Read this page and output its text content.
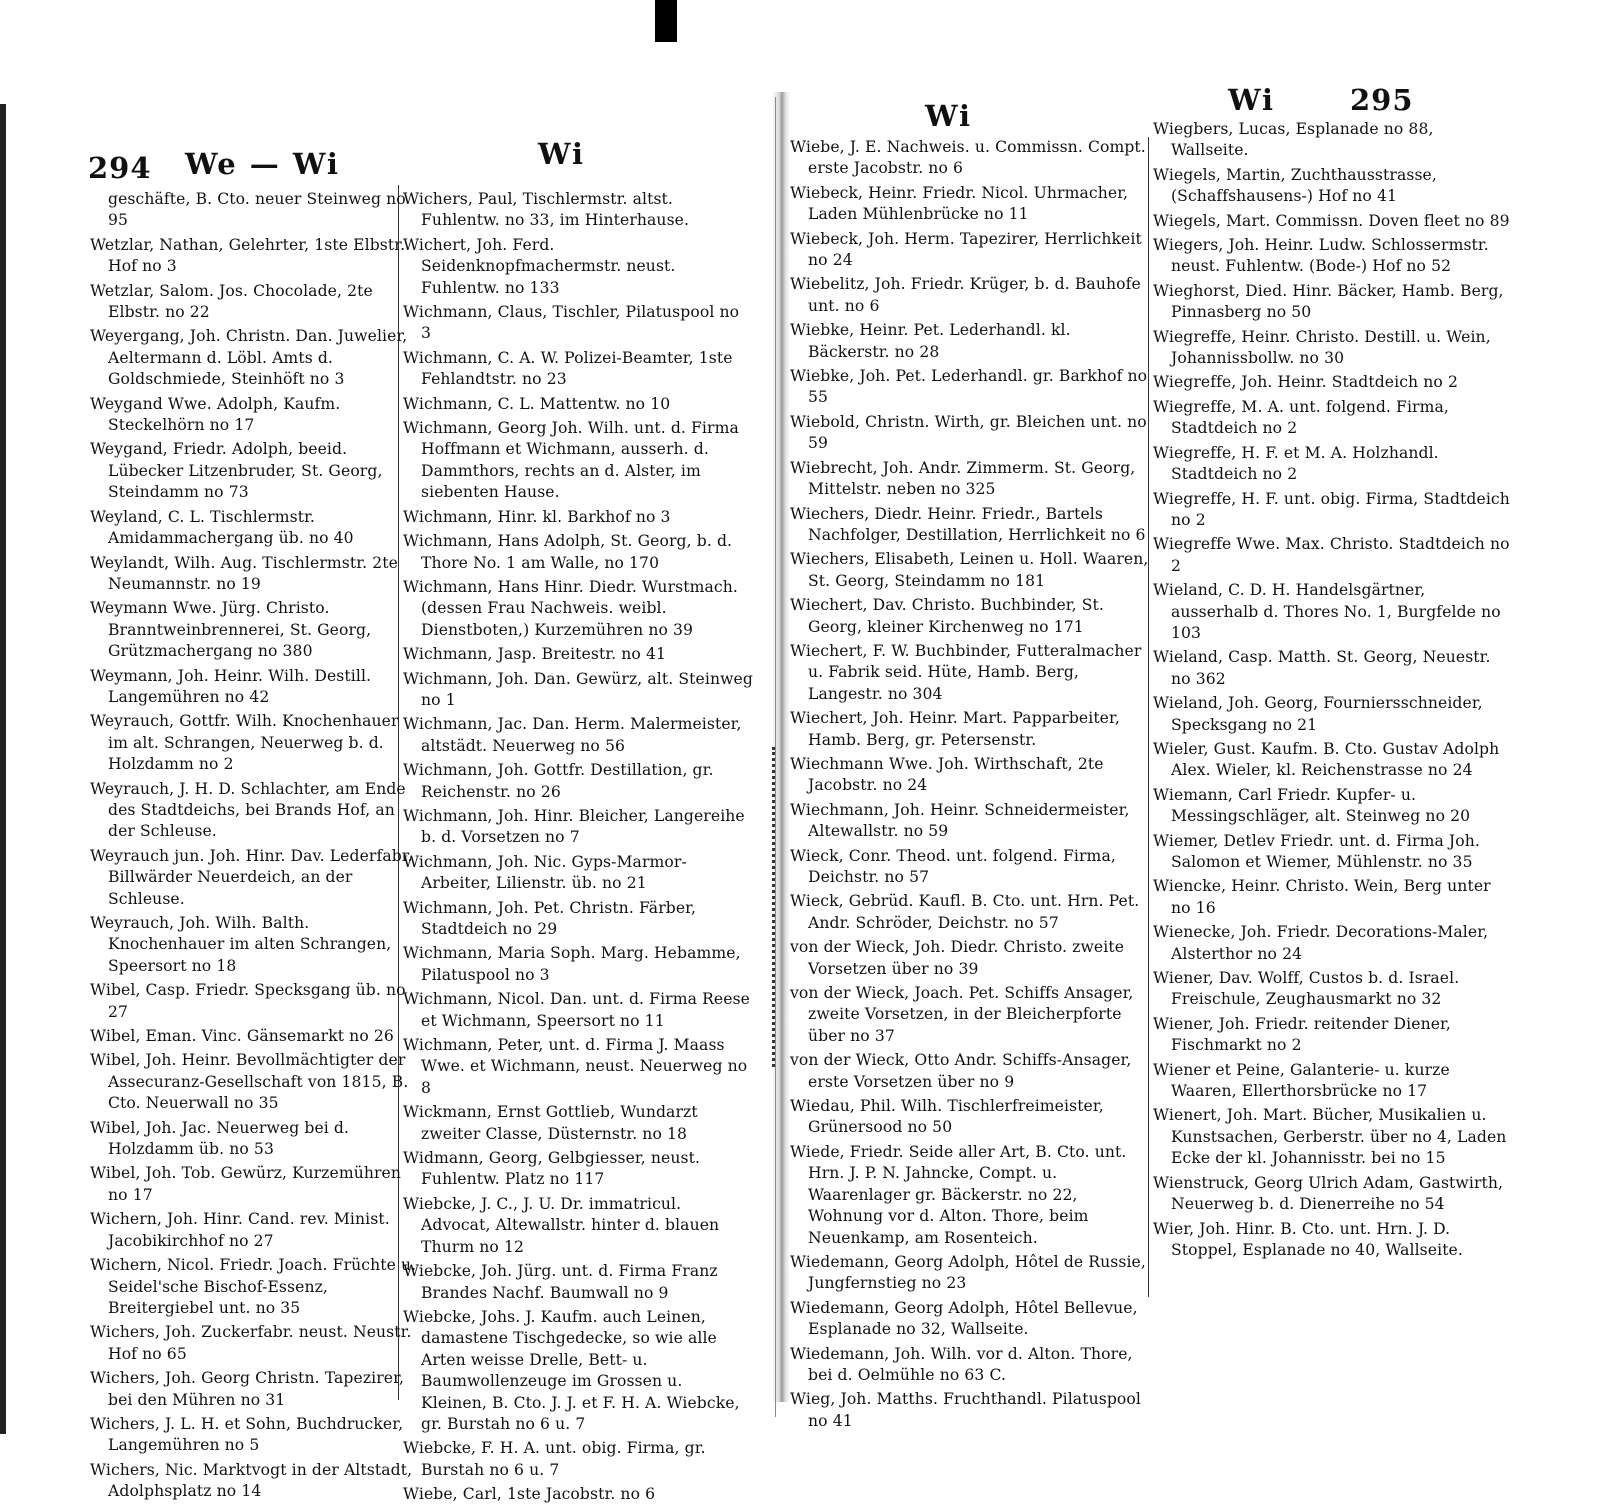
294 We — Wi	Wi
geschäfte, B. Cto. neuer Steinweg no 95
Wetzlar, Nathan, Gelehrter, 1ste Elbstr. Hof no 3
Wetzlar, Salom. Jos. Chocolade, 2te Elbstr. no 22
Weyergang, Joh. Christn. Dan. Juwelier, Aeltermann d. Löbl. Amts d. Goldschmiede, Steinhöft no 3
Weygand Wwe. Adolph, Kaufm. Steckelhörn no 17
Weygand, Friedr. Adolph, beeid. Lübecker Litzenbruder, St. Georg, Steindamm no 73
Weyland, C. L. Tischlermstr. Amidammachergang üb. no 40
Weylandt, Wilh. Aug. Tischlermstr. 2te Neumannstr. no 19
Weymann Wwe. Jürg. Christo. Branntweinbrennerei, St. Georg, Grützmachergang no 380
Weymann, Joh. Heinr. Wilh. Destill. Langemühren no 42
Weyrauch, Gottfr. Wilh. Knochenhauer im alt. Schrangen, Neuerweg b. d. Holzdamm no 2
Weyrauch, J. H. D. Schlachter, am Ende des Stadtdeichs, bei Brands Hof, an der Schleuse.
Weyrauch jun. Joh. Hinr. Dav. Lederfabr. Billwärder Neuerdeich, an der Schleuse.
Weyrauch, Joh. Wilh. Balth. Knochenhauer im alten Schrangen, Speersort no 18
Wibel, Casp. Friedr. Specksgang üb. no 27
Wibel, Eman. Vinc. Gänsemarkt no 26
Wibel, Joh. Heinr. Bevollmächtigter der Assecuranz-Gesellschaft von 1815, B. Cto. Neuerwall no 35
Wibel, Joh. Jac. Neuerweg bei d. Holzdamm üb. no 53
Wibel, Joh. Tob. Gewürz, Kurzemühren no 17
Wichern, Joh. Hinr. Cand. rev. Minist. Jacobikirchhof no 27
Wichern, Nicol. Friedr. Joach. Früchte u. Seidel'sche Bischof-Essenz, Breitergiebel unt. no 35
Wichers, Joh. Zuckerfabr. neust. Neustr. Hof no 65
Wichers, Joh. Georg Christn. Tapezirer, bei den Mühren no 31
Wichers, J. L. H. et Sohn, Buchdrucker, Langemühren no 5
Wichers, Nic. Marktvogt in der Altstadt, Adolphsplatz no 14
Wichers, Paul, Tischlermstr. altst. Fuhlentw. no 33, im Hinterhause.
Wichert, Joh. Ferd. Seidenknopfmachermstr. neust. Fuhlentw. no 133
Wichmann, Claus, Tischler, Pilatuspool no 3
Wichmann, C. A. W. Polizei-Beamter, 1ste Fehlandtstr. no 23
Wichmann, C. L. Mattentw. no 10
Wichmann, Georg Joh. Wilh. unt. d. Firma Hoffmann et Wichmann, ausserh. d. Dammthors, rechts an d. Alster, im siebenten Hause.
Wichmann, Hinr. kl. Barkhof no 3
Wichmann, Hans Adolph, St. Georg, b. d. Thore No. 1 am Walle, no 170
Wichmann, Hans Hinr. Diedr. Wurstmach. (dessen Frau Nachweis. weibl. Dienstboten,) Kurzemühren no 39
Wichmann, Jasp. Breitestr. no 41
Wichmann, Joh. Dan. Gewürz, alt. Steinweg no 1
Wichmann, Jac. Dan. Herm. Malermeister, altstädt. Neuerweg no 56
Wichmann, Joh. Gottfr. Destillation, gr. Reichenstr. no 26
Wichmann, Joh. Hinr. Bleicher, Langereihe b. d. Vorsetzen no 7
Wichmann, Joh. Nic. Gyps-Marmor-Arbeiter, Lilienstr. üb. no 21
Wichmann, Joh. Pet. Christn. Färber, Stadtdeich no 29
Wichmann, Maria Soph. Marg. Hebamme, Pilatuspool no 3
Wichmann, Nicol. Dan. unt. d. Firma Reese et Wichmann, Speersort no 11
Wichmann, Peter, unt. d. Firma J. Maass Wwe. et Wichmann, neust. Neuerweg no 8
Wickmann, Ernst Gottlieb, Wundarzt zweiter Classe, Düsternstr. no 18
Widmann, Georg, Gelbgiesser, neust. Fuhlentw. Platz no 117
Wiebcke, J. C., J. U. Dr. immatricul. Advocat, Altewallstr. hinter d. blauen Thurm no 12
Wiebcke, Joh. Jürg. unt. d. Firma Franz Brandes Nachf. Baumwall no 9
Wiebcke, Johs. J. Kaufm. auch Leinen, damastene Tischgedecke, so wie alle Arten weisse Drelle, Bett- u. Baumwollenzeuge im Grossen u. Kleinen, B. Cto. J. J. et F. H. A. Wiebcke, gr. Burstah no 6 u. 7
Wiebcke, F. H. A. unt. obig. Firma, gr. Burstah no 6 u. 7
Wiebe, Carl, 1ste Jacobstr. no 6
Wi	Wi	295
Wiebe, J. E. Nachweis. u. Commissn. Compt. erste Jacobstr. no 6
Wiebeck, Heinr. Friedr. Nicol. Uhrmacher, Laden Mühlenbrücke no 11
Wiebeck, Joh. Herm. Tapezirer, Herrlichkeit no 24
Wiebelitz, Joh. Friedr. Krüger, b. d. Bauhofe unt. no 6
Wiebke, Heinr. Pet. Lederhandl. kl. Bäckerstr. no 28
Wiebke, Joh. Pet. Lederhandl. gr. Barkhof no 55
Wiebold, Christn. Wirth, gr. Bleichen unt. no 59
Wiebrecht, Joh. Andr. Zimmerm. St. Georg, Mittelstr. neben no 325
Wiechers, Diedr. Heinr. Friedr., Bartels Nachfolger, Destillation, Herrlichkeit no 6
Wiechers, Elisabeth, Leinen u. Holl. Waaren, St. Georg, Steindamm no 181
Wiechert, Dav. Christo. Buchbinder, St. Georg, kleiner Kirchenweg no 171
Wiechert, F. W. Buchbinder, Futteralmacher u. Fabrik seid. Hüte, Hamb. Berg, Langestr. no 304
Wiechert, Joh. Heinr. Mart. Papparbeiter, Hamb. Berg, gr. Petersenstr.
Wiechmann Wwe. Joh. Wirthschaft, 2te Jacobstr. no 24
Wiechmann, Joh. Heinr. Schneidermeister, Altewallstr. no 59
Wieck, Conr. Theod. unt. folgend. Firma, Deichstr. no 57
Wieck, Gebrüd. Kaufl. B. Cto. unt. Hrn. Pet. Andr. Schröder, Deichstr. no 57
von der Wieck, Joh. Diedr. Christo. zweite Vorsetzen über no 39
von der Wieck, Joach. Pet. Schiffs Ansager, zweite Vorsetzen, in der Bleicherpforte über no 37
von der Wieck, Otto Andr. Schiffs-Ansager, erste Vorsetzen über no 9
Wiedau, Phil. Wilh. Tischlerfreimeister, Grünersood no 50
Wiede, Friedr. Seide aller Art, B. Cto. unt. Hrn. J. P. N. Jahncke, Compt. u. Waarenlager gr. Bäckerstr. no 22, Wohnung vor d. Alton. Thore, beim Neuenkamp, am Rosenteich.
Wiedemann, Georg Adolph, Hôtel de Russie, Jungfernstieg no 23
Wiedemann, Georg Adolph, Hôtel Bellevue, Esplanade no 32, Wallseite.
Wiedemann, Joh. Wilh. vor d. Alton. Thore, bei d. Oelmühle no 63 C.
Wieg, Joh. Matths. Fruchthandl. Pilatuspool no 41
Wiegbers, Lucas, Esplanade no 88, Wallseite.
Wiegels, Martin, Zuchthausstrasse, (Schaffshausens-) Hof no 41
Wiegels, Mart. Commissn. Doven fleet no 89
Wiegers, Joh. Heinr. Ludw. Schlossermstr. neust. Fuhlentw. (Bode-) Hof no 52
Wieghorst, Died. Hinr. Bäcker, Hamb. Berg, Pinnasberg no 50
Wiegreffe, Heinr. Christo. Destill. u. Wein, Johannissbollw. no 30
Wiegreffe, Joh. Heinr. Stadtdeich no 2
Wiegreffe, M. A. unt. folgend. Firma, Stadtdeich no 2
Wiegreffe, H. F. et M. A. Holzhandl. Stadtdeich no 2
Wiegreffe, H. F. unt. obig. Firma, Stadtdeich no 2
Wiegreffe Wwe. Max. Christo. Stadtdeich no 2
Wieland, C. D. H. Handelsgärtner, ausserhalb d. Thores No. 1, Burgfelde no 103
Wieland, Casp. Matth. St. Georg, Neuestr. no 362
Wieland, Joh. Georg, Fourniersschneider, Specksgang no 21
Wieler, Gust. Kaufm. B. Cto. Gustav Adolph Alex. Wieler, kl. Reichenstrasse no 24
Wiemann, Carl Friedr. Kupfer- u. Messingschläger, alt. Steinweg no 20
Wiemer, Detlev Friedr. unt. d. Firma Joh. Salomon et Wiemer, Mühlenstr. no 35
Wiencke, Heinr. Christo. Wein, Berg unter no 16
Wienecke, Joh. Friedr. Decorations-Maler, Alsterthor no 24
Wiener, Dav. Wolff, Custos b. d. Israel. Freischule, Zeughausmarkt no 32
Wiener, Joh. Friedr. reitender Diener, Fischmarkt no 2
Wiener et Peine, Galanterie- u. kurze Waaren, Ellerthorsbrücke no 17
Wienert, Joh. Mart. Bücher, Musikalien u. Kunstsachen, Gerberstr. über no 4, Laden Ecke der kl. Johannisstr. bei no 15
Wienstruck, Georg Ulrich Adam, Gastwirth, Neuerweg b. d. Dienerreihe no 54
Wier, Joh. Hinr. B. Cto. unt. Hrn. J. D. Stoppel, Esplanade no 40, Wallseite.
